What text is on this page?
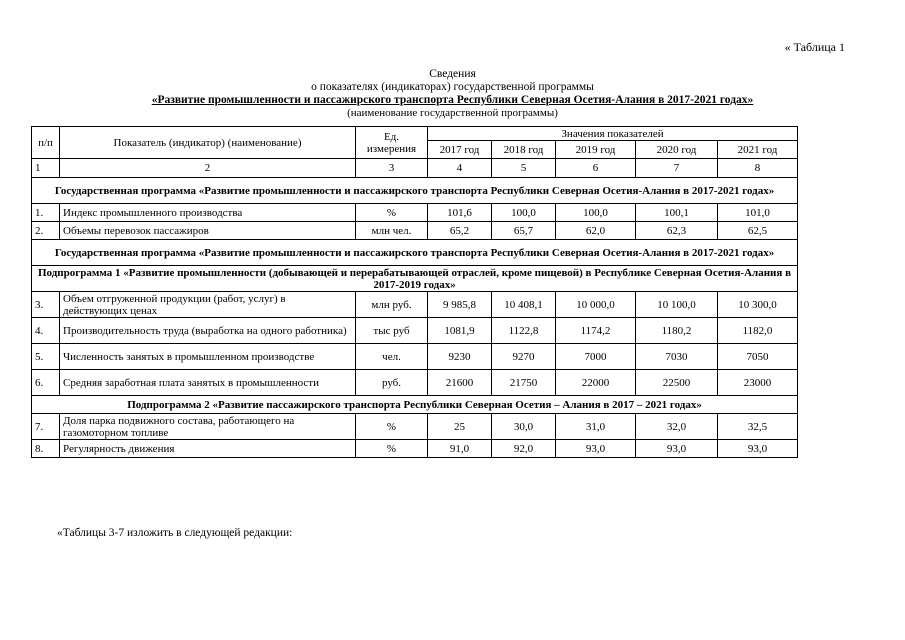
« Таблица 1
Сведения
о показателях (индикаторах) государственной программы
«Развитие промышленности и пассажирского транспорта Республики Северная Осетия-Алания в 2017-2021 годах»
(наименование государственной программы)
п/п	Показатель (индикатор) (наименование)	Ед. измерения	Значения показателей				
			2017 год	2018 год	2019 год	2020 год	2021 год
1	2	3	4	5	6	7	8
Государственная программа «Развитие промышленности и пассажирского транспорта Республики Северная Осетия-Алания в 2017-2021 годах»							
1.	Индекс промышленного производства	%	101,6	100,0	100,0	100,1	101,0
2.	Объемы перевозок пассажиров	млн чел.	65,2	65,7	62,0	62,3	62,5
Государственная программа «Развитие промышленности и пассажирского транспорта Республики Северная Осетия-Алания в 2017-2021 годах»							
Подпрограмма 1 «Развитие промышленности (добывающей и перерабатывающей отраслей, кроме пищевой) в Республике Северная Осетия-Алания в 2017-2019 годах»							
3.	Объем отгруженной продукции (работ, услуг) в действующих ценах	млн руб.	9 985,8	10 408,1	10 000,0	10 100,0	10 300,0
4.	Производительность труда (выработка на одного работника)	тыс руб	1081,9	1122,8	1174,2	1180,2	1182,0
5.	Численность занятых в промышленном производстве	чел.	9230	9270	7000	7030	7050
6.	Средняя заработная плата занятых в промышленности	руб.	21600	21750	22000	22500	23000
Подпрограмма 2 «Развитие пассажирского транспорта Республики Северная Осетия – Алания в 2017 – 2021 годах»							
7.	Доля парка подвижного состава, работающего на газомоторном топливе	%	25	30,0	31,0	32,0	32,5
8.	Регулярность движения	%	91,0	92,0	93,0	93,0	93,0
«Таблицы 3-7 изложить в следующей редакции:
